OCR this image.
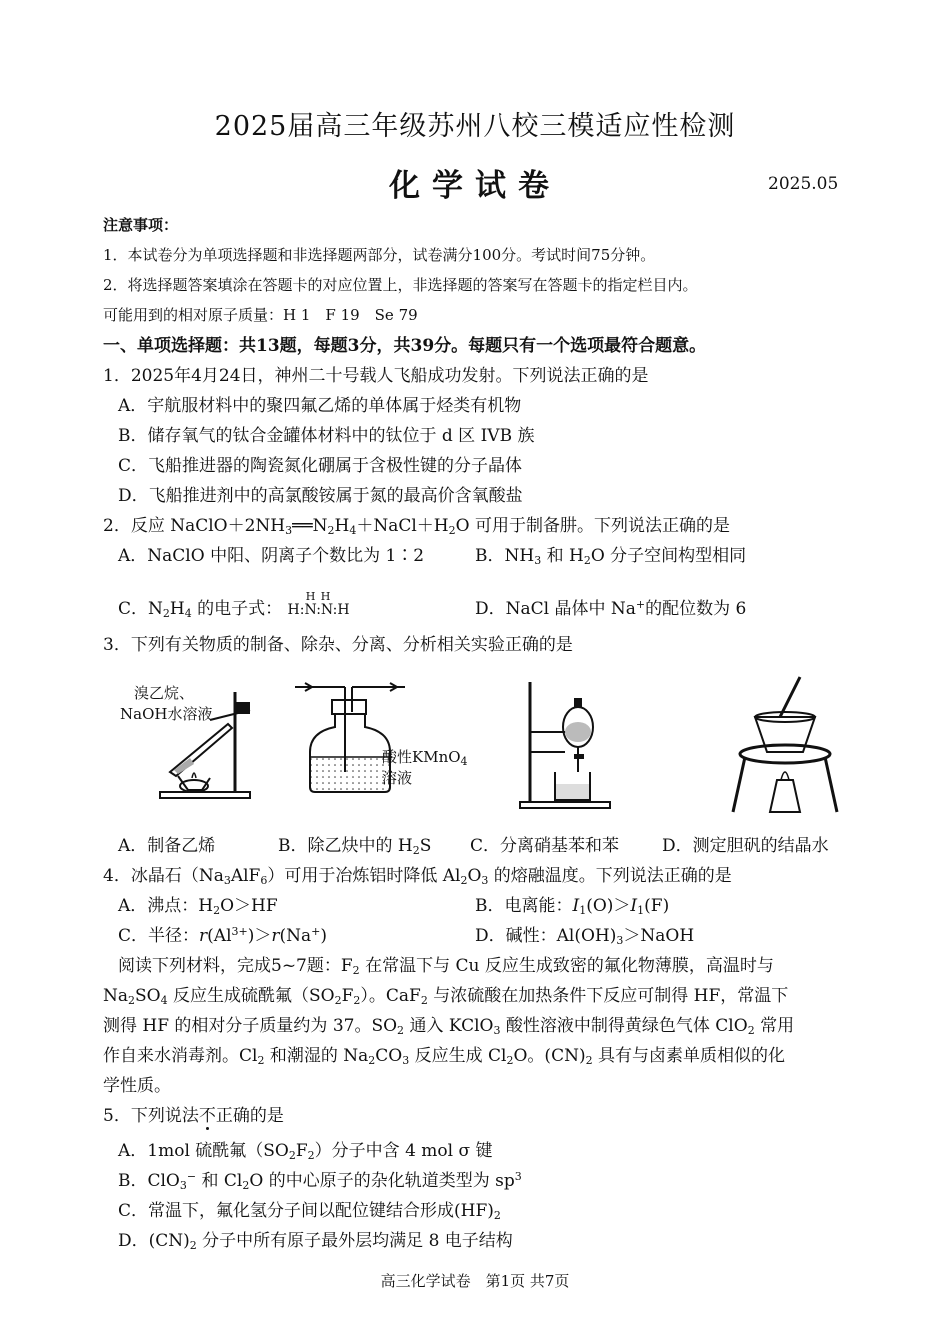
2025届高三年级苏州八校三模适应性检测
化学试卷	2025.05
注意事项：
1．本试卷分为单项选择题和非选择题两部分，试卷满分100分。考试时间75分钟。
2．将选择题答案填涂在答题卡的对应位置上，非选择题的答案写在答题卡的指定栏目内。
可能用到的相对原子质量：H 1　F 19　Se 79
一、单项选择题：共13题，每题3分，共39分。每题只有一个选项最符合题意。
1．2025年4月24日，神州二十号载人飞船成功发射。下列说法正确的是
A．宇航服材料中的聚四氟乙烯的单体属于烃类有机物
B．储存氧气的钛合金罐体材料中的钛位于 d 区 IVB 族
C．飞船推进器的陶瓷氮化硼属于含极性键的分子晶体
D．飞船推进剂中的高氯酸铵属于氮的最高价含氧酸盐
2．反应 $NaClO+2NH_3══N_2H_4+NaCl+H_2O$ 可用于制备肼。下列说法正确的是
A．NaClO 中阳、阴离子个数比为 1∶2	B．$NH_3$ 和 $H_2O$ 分子空间构型相同
C．$N_2H_4$ 的电子式：
H H
H:N:N:H	D．NaCl 晶体中 Na+的配位数为 6
3．下列有关物质的制备、除杂、分离、分析相关实验正确的是
溴乙烷、
NaOH水溶液
酸性KMnO$_4$
溶液
A．制备乙烯	B．除乙炔中的 $H_2S$ C．分离硝基苯和苯	D．测定胆矾的结晶水
4．冰晶石$(Na_3AlF_6)$可用于冶炼铝时降低 $Al_2O_3$ 的熔融温度。下列说法正确的是
A．沸点：$H_2O>HF$	B．电离能：$I_1(O)>I_1(F)$
C．半径：$r(Al^{3+})>r(Na^+)$	D．碱性：$Al(OH)_3>NaOH$
阅读下列材料，完成5~7题：$F_2$ 在常温下与 Cu 反应生成致密的氟化物薄膜，高温时与
$Na_2SO_4$ 反应生成硫酰氟$(SO_2F_2)$。CaF$_2$ 与浓硫酸在加热条件下反应可制得 HF，常温下
测得 HF 的相对分子质量约为 37。$SO_2$ 通入 KClO$_3$ 酸性溶液中制得黄绿色气体 ClO$_2$ 常用
作自来水消毒剂。$Cl_2$ 和潮湿的 $Na_2CO_3$ 反应生成 $Cl_2O$。$(CN)_2$ 具有与卤素单质相似的化
学性质。
5．下列说法不正确的是
A．1mol 硫酰氟$(SO_2F_2)$分子中含 4 mol σ 键
B．ClO$_3$− 和 $Cl_2O$ 的中心原子的杂化轨道类型为 $sp^3$
C．常温下，氟化氢分子间以配位键结合形成$(HF)_2$
D．$(CN)_2$ 分子中所有原子最外层均满足 8 电子结构
高三化学试卷　第1页 共7页
